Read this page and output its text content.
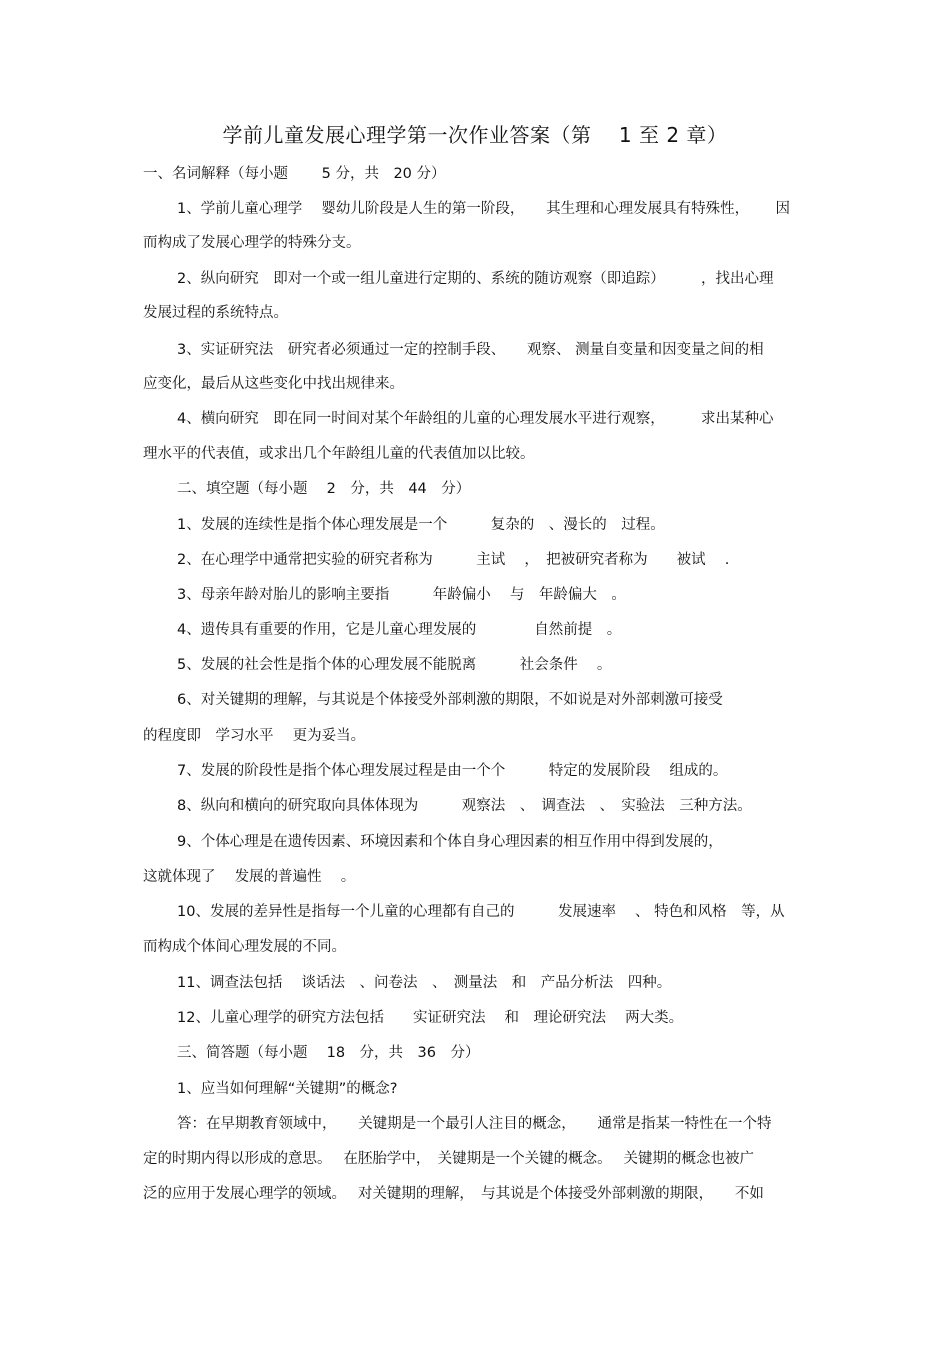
学前儿童发展心理学第一次作业答案（第　 1 至 2 章）
一、名词解释（每小题　　 5 分，共　20 分）
1、学前儿童心理学　 婴幼儿阶段是人生的第一阶段，　　其生理和心理发展具有特殊性，　　 因
而构成了发展心理学的特殊分支。
2、纵向研究　即对一个或一组儿童进行定期的、系统的随访观察（即追踪）　　　，找出心理
发展过程的系统特点。
3、实证研究法　研究者必须通过一定的控制手段、　　观察、 测量自变量和因变量之间的相
应变化，最后从这些变化中找出规律来。
4、横向研究　即在同一时间对某个年龄组的儿童的心理发展水平进行观察，　　　求出某种心
理水平的代表值，或求出几个年龄组儿童的代表值加以比较。
二、填空题（每小题　 2　分，共　44　分）
1、发展的连续性是指个体心理发展是一个　　　复杂的　、漫长的　过程。
2、在心理学中通常把实验的研究者称为　　　主试　 ，　把被研究者称为　　被试　 .
3、母亲年龄对胎儿的影响主要指　　　年龄偏小　 与　年龄偏大　。
4、遗传具有重要的作用，它是儿童心理发展的　　　　自然前提　。
5、发展的社会性是指个体的心理发展不能脱离　　　社会条件　 。
6、对关键期的理解，与其说是个体接受外部刺激的期限，不如说是对外部刺激可接受
的程度即　学习水平　 更为妥当。
7、发展的阶段性是指个体心理发展过程是由一个个　　　特定的发展阶段　 组成的。
8、纵向和横向的研究取向具体体现为　　　观察法　、　调查法　、　实验法　三种方法。
9、个体心理是在遗传因素、环境因素和个体自身心理因素的相互作用中得到发展的，
这就体现了　 发展的普遍性　 。
10、发展的差异性是指每一个儿童的心理都有自己的　　　发展速率　 、 特色和风格　等，从
而构成个体间心理发展的不同。
11、调查法包括　 谈话法　、问卷法　、　测量法　和　产品分析法　四种。
12、儿童心理学的研究方法包括　　实证研究法　 和　理论研究法　 两大类。
三、简答题（每小题　 18　分，共　36　分）
1、应当如何理解“关键期”的概念?
答：在早期教育领域中，　　关键期是一个最引人注目的概念，　　通常是指某一特性在一个特
定的时期内得以形成的意思。　 在胚胎学中，　关键期是一个关键的概念。　 关键期的概念也被广
泛的应用于发展心理学的领域。　 对关键期的理解，　与其说是个体接受外部刺激的期限，　　不如
